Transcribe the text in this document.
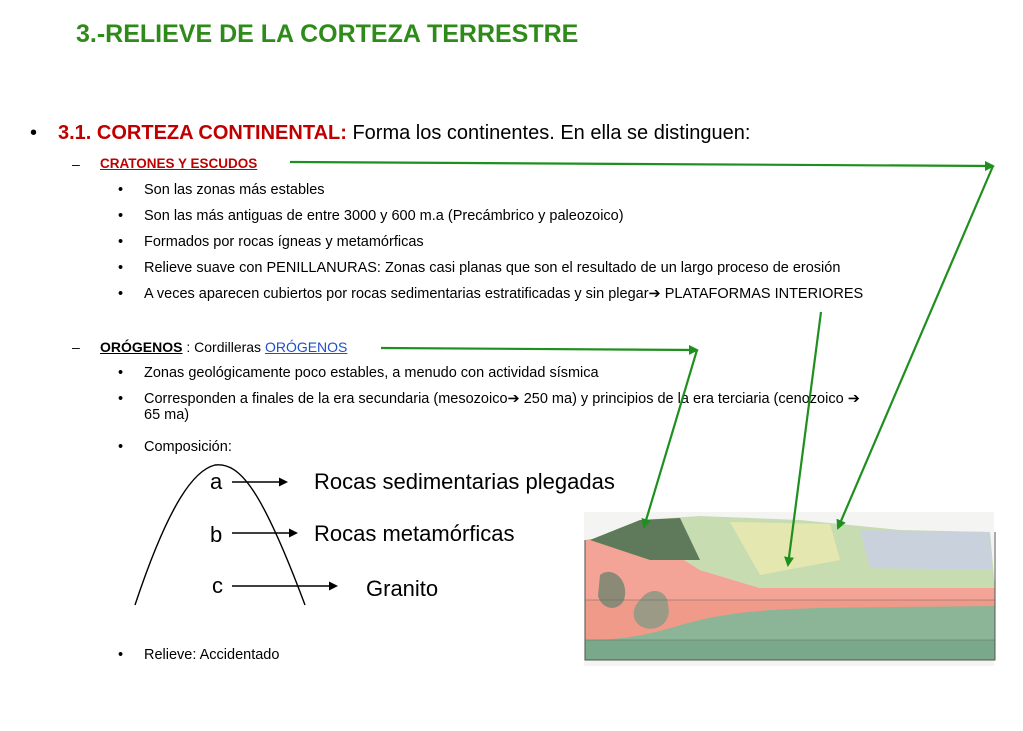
3.-RELIEVE DE LA CORTEZA TERRESTRE
• 3.1. CORTEZA CONTINENTAL: Forma los continentes. En ella se distinguen:
– CRATONES Y ESCUDOS
• Son las zonas más estables
• Son las más antiguas de entre 3000 y 600 m.a (Precámbrico y paleozoico)
• Formados por rocas ígneas y metamórficas
• Relieve suave con PENILLANURAS: Zonas casi planas que son el resultado de un largo proceso de erosión
• A veces aparecen cubiertos por rocas sedimentarias estratificadas y sin plegar➔ PLATAFORMAS INTERIORES
– ORÓGENOS : Cordilleras ORÓGENOS
• Zonas geológicamente poco estables, a menudo con actividad sísmica
• Corresponden a finales de la era secundaria (mesozoico➔ 250 ma) y principios de la era terciaria (cenozoico ➔
65 ma)
• Composición:
• Relieve: Accidentado
a
b
c
Rocas sedimentarias plegadas
Rocas metamórficas
Granito
